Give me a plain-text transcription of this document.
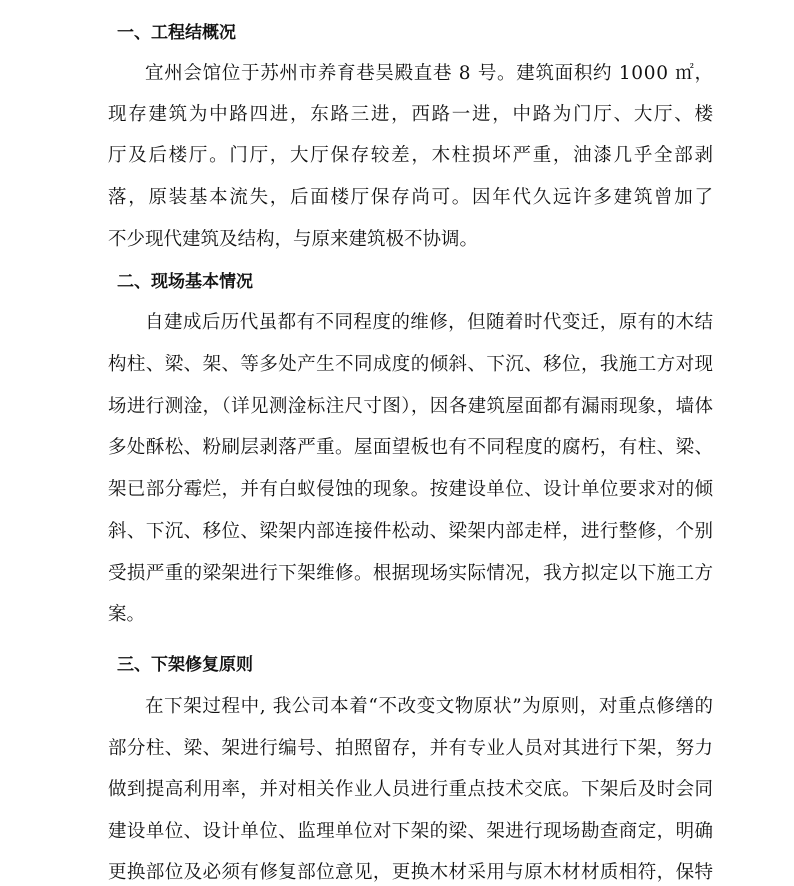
一、工程结概况
宜州会馆位于苏州市养育巷吴殿直巷 8 号。建筑面积约 1000 ㎡，
现存建筑为中路四进，东路三进，西路一进，中路为门厅、大厅、楼
厅及后楼厅。门厅，大厅保存较差，木柱损坏严重，油漆几乎全部剥
落，原装基本流失，后面楼厅保存尚可。因年代久远许多建筑曾加了
不少现代建筑及结构，与原来建筑极不协调。
二、现场基本情况
自建成后历代虽都有不同程度的维修，但随着时代变迁，原有的木结
构柱、梁、架、等多处产生不同成度的倾斜、下沉、移位，我施工方对现
场进行测淦，（详见测淦标注尺寸图），因各建筑屋面都有漏雨现象，墙体
多处酥松、粉刷层剥落严重。屋面望板也有不同程度的腐朽，有柱、梁、
架已部分霉烂，并有白蚁侵蚀的现象。按建设单位、设计单位要求对的倾
斜、下沉、移位、梁架内部连接件松动、梁架内部走样，进行整修，个别
受损严重的梁架进行下架维修。根据现场实际情况，我方拟定以下施工方
案。
三、下架修复原则
在下架过程中, 我公司本着“不改变文物原状”为原则，对重点修缮的
部分柱、梁、架进行编号、拍照留存，并有专业人员对其进行下架，努力
做到提高利用率，并对相关作业人员进行重点技术交底。下架后及时会同
建设单位、设计单位、监理单位对下架的梁、架进行现场勘查商定，明确
更换部位及必须有修复部位意见，更换木材采用与原木材材质相符，保特
